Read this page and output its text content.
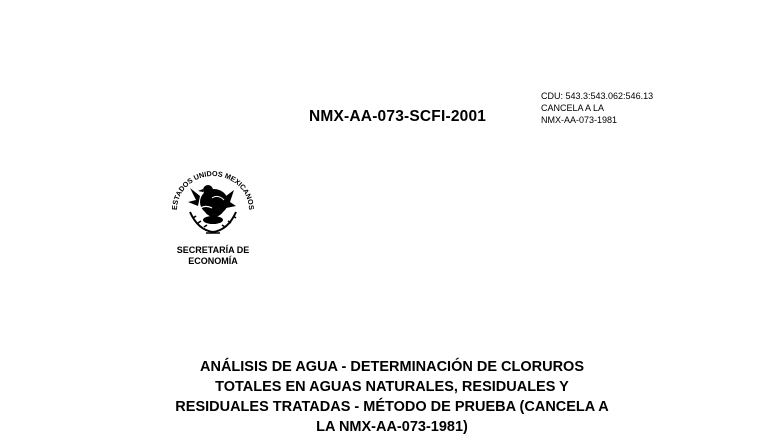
NMX-AA-073-SCFI-2001
CDU: 543.3:543.062:546.13
CANCELA A LA
NMX-AA-073-1981
ESTADOS UNIDOS MEXICANOS
SECRETARÍA DE
ECONOMÍA
ANÁLISIS DE AGUA - DETERMINACIÓN DE CLORUROS
TOTALES EN AGUAS NATURALES, RESIDUALES Y
RESIDUALES TRATADAS - MÉTODO DE PRUEBA (CANCELA A
LA NMX-AA-073-1981)
